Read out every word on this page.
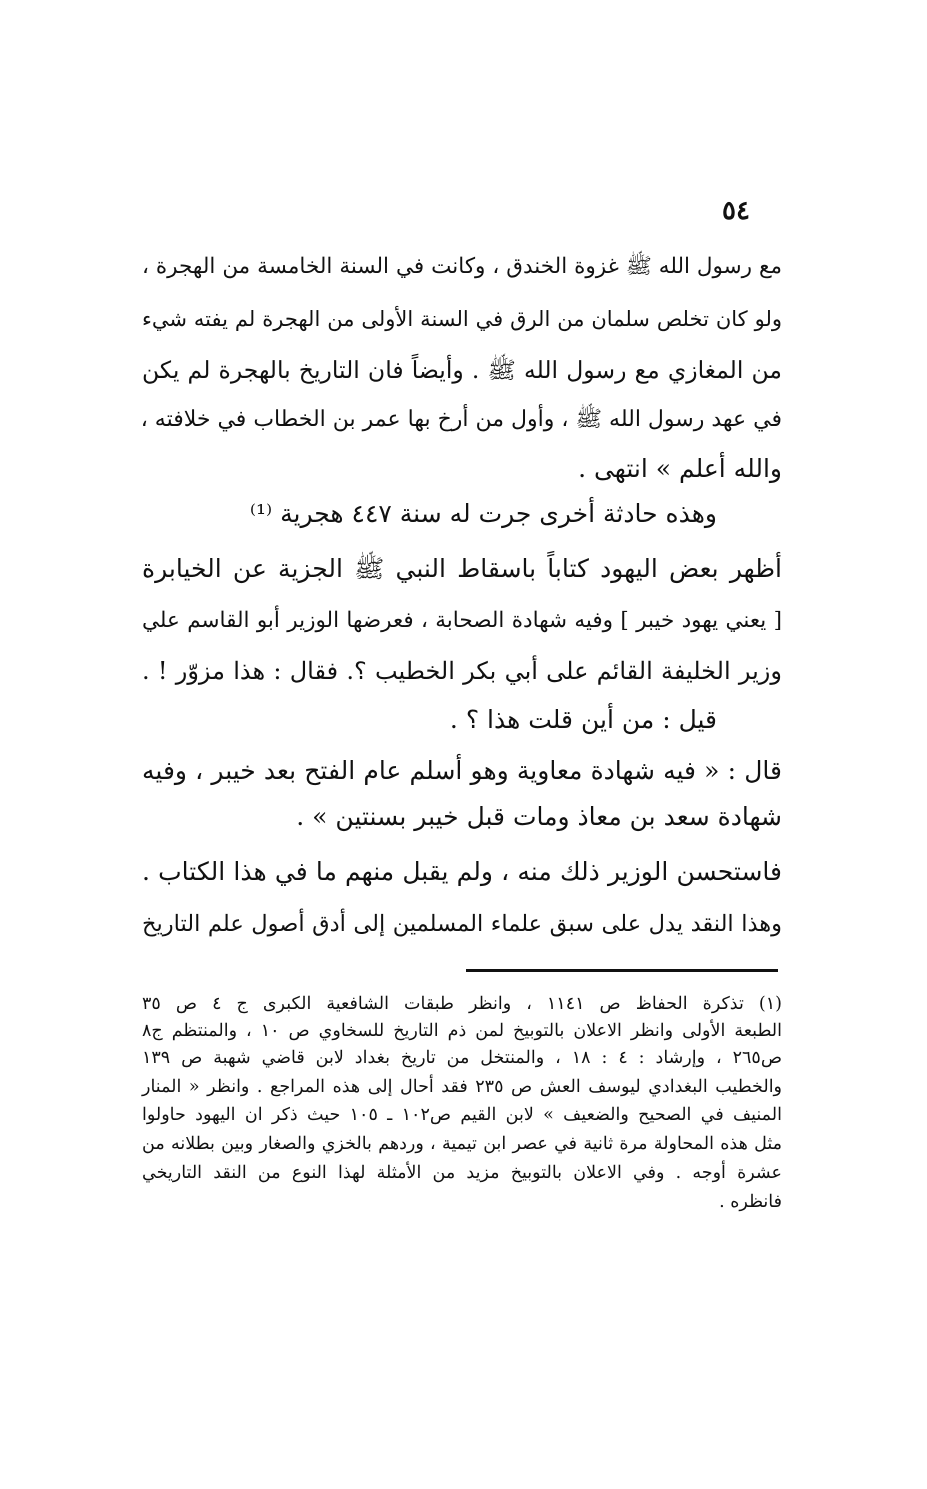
٥٤
مع رسول الله ﷺ غزوة الخندق ، وكانت في السنة الخامسة من الهجرة ،
ولو كان تخلص سلمان من الرق في السنة الأولى من الهجرة لم يفته شيء
من المغازي مع رسول الله ﷺ . وأيضاً فان التاريخ بالهجرة لم يكن
في عهد رسول الله ﷺ ، وأول من أرخ بها عمر بن الخطاب في خلافته ،
والله أعلم » انتهى .
وهذه حادثة أخرى جرت له سنة ٤٤٧ هجرية ⁽¹⁾
أظهر بعض اليهود كتاباً باسقاط النبي ﷺ الجزية عن الخيابرة
[ يعني يهود خيبر ] وفيه شهادة الصحابة ، فعرضها الوزير أبو القاسم علي
وزير الخليفة القائم على أبي بكر الخطيب ؟. فقال : هذا مزوّر ! .
قيل : من أين قلت هذا ؟ .
قال : « فيه شهادة معاوية وهو أسلم عام الفتح بعد خيبر ، وفيه
شهادة سعد بن معاذ ومات قبل خيبر بسنتين » .
فاستحسن الوزير ذلك منه ، ولم يقبل منهم ما في هذا الكتاب .
وهذا النقد يدل على سبق علماء المسلمين إلى أدق أصول علم التاريخ
(١) تذكرة الحفاظ ص ١١٤١ ، وانظر طبقات الشافعية الكبرى ج ٤ ص ٣٥
الطبعة الأولى وانظر الاعلان بالتوبيخ لمن ذم التاريخ للسخاوي ص ١٠ ، والمنتظم ج٨
ص٢٦٥ ، وإرشاد : ٤ : ١٨ ، والمنتخل من تاريخ بغداد لابن قاضي شهبة ص ١٣٩
والخطيب البغدادي ليوسف العش ص ٢٣٥ فقد أحال إلى هذه المراجع . وانظر « المنار
المنيف في الصحيح والضعيف » لابن القيم ص١٠٢ ـ ١٠٥ حيث ذكر ان اليهود حاولوا
مثل هذه المحاولة مرة ثانية في عصر ابن تيمية ، وردهم بالخزي والصغار وبين بطلانه من
عشرة أوجه . وفي الاعلان بالتوبيخ مزيد من الأمثلة لهذا النوع من النقد التاريخي
فانظره .
